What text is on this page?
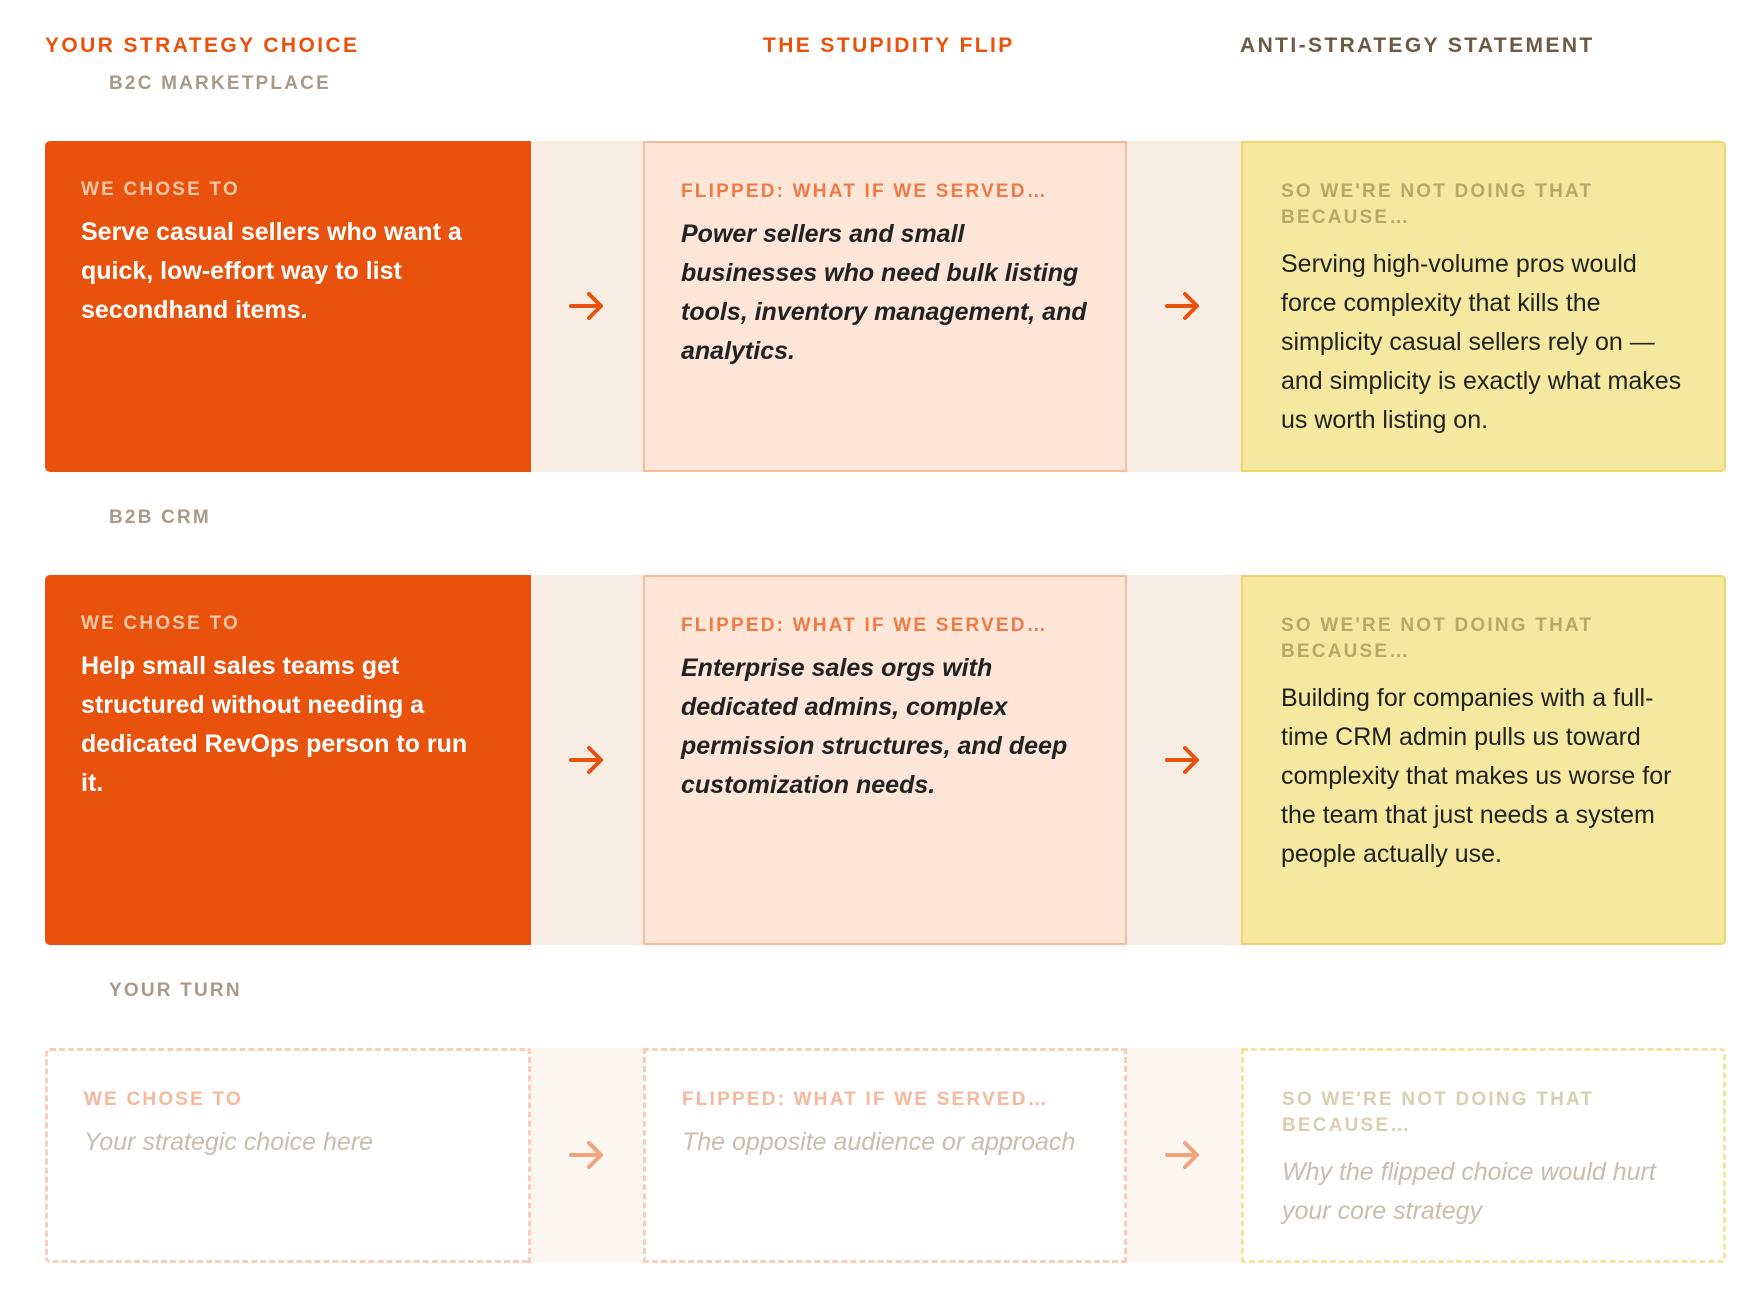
YOUR STRATEGY CHOICE	THE STUPIDITY FLIP	ANTI-STRATEGY STATEMENT
B2C MARKETPLACE
WE CHOSE TO
Serve casual sellers who want a quick, low-effort way to list secondhand items.
FLIPPED: WHAT IF WE SERVED…
Power sellers and small businesses who need bulk listing tools, inventory management, and analytics.
SO WE'RE NOT DOING THAT BECAUSE…
Serving high-volume pros would force complexity that kills the simplicity casual sellers rely on — and simplicity is exactly what makes us worth listing on.
B2B CRM
WE CHOSE TO
Help small sales teams get structured without needing a dedicated RevOps person to run it.
FLIPPED: WHAT IF WE SERVED…
Enterprise sales orgs with dedicated admins, complex permission structures, and deep customization needs.
SO WE'RE NOT DOING THAT BECAUSE…
Building for companies with a full-time CRM admin pulls us toward complexity that makes us worse for the team that just needs a system people actually use.
YOUR TURN
WE CHOSE TO
Your strategic choice here
FLIPPED: WHAT IF WE SERVED…
The opposite audience or approach
SO WE'RE NOT DOING THAT BECAUSE…
Why the flipped choice would hurt your core strategy
